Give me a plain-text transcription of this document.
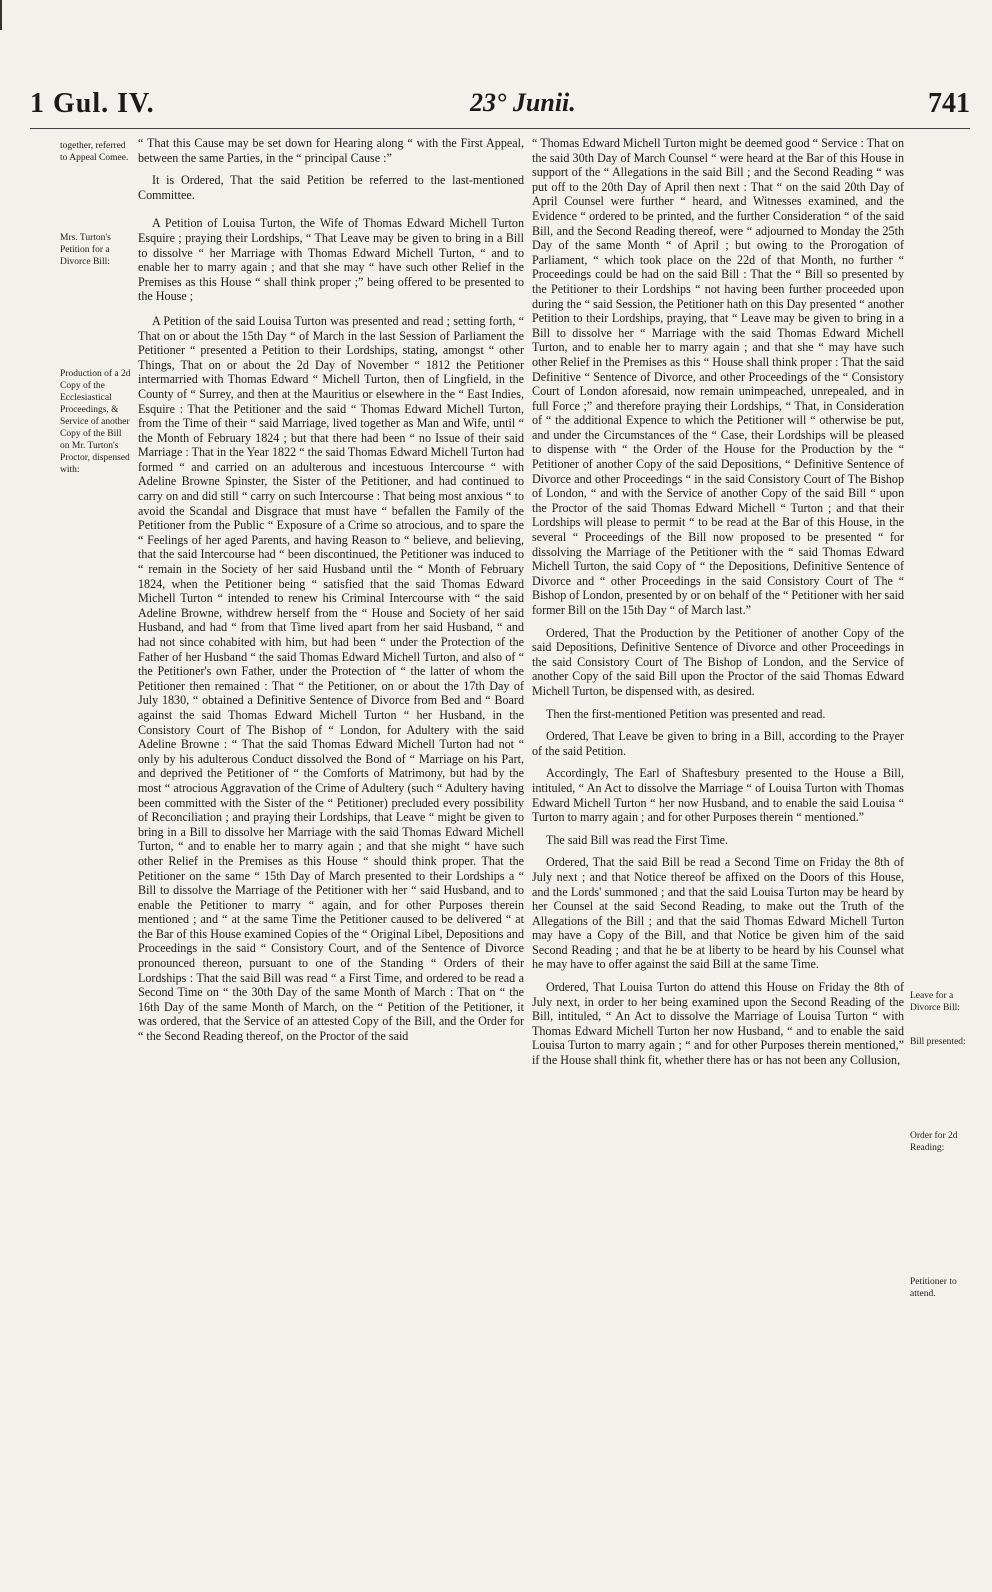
1 Gul. IV.	23° Junii.	741
together, referred to Appeal Comee.
Mrs. Turton's Petition for a Divorce Bill:
Production of a 2d Copy of the Ecclesiastical Proceedings, & Service of another Copy of the Bill on Mr. Turton's Proctor, dispensed with:

“ That this Cause may be set down for Hearing along “ with the First Appeal, between the same Parties, in the “ principal Cause :”

It is Ordered, That the said Petition be referred to the last-mentioned Committee.

A Petition of Louisa Turton, the Wife of Thomas Edward Michell Turton Esquire ; praying their Lordships, “ That Leave may be given to bring in a Bill to dissolve “ her Marriage with Thomas Edward Michell Turton, “ and to enable her to marry again ; and that she may “ have such other Relief in the Premises as this House “ shall think proper ;” being offered to be presented to the House ;

A Petition of the said Louisa Turton was presented and read ; setting forth, “ That on or about the 15th Day “ of March in the last Session of Parliament the Petitioner “ presented a Petition to their Lordships, stating, amongst “ other Things, That on or about the 2d Day of November “ 1812 the Petitioner intermarried with Thomas Edward “ Michell Turton, then of Lingfield, in the County of “ Surrey, and then at the Mauritius or elsewhere in the “ East Indies, Esquire : That the Petitioner and the said “ Thomas Edward Michell Turton, from the Time of their “ said Marriage, lived together as Man and Wife, until “ the Month of February 1824 ; but that there had been “ no Issue of their said Marriage : That in the Year 1822 “ the said Thomas Edward Michell Turton had formed “ and carried on an adulterous and incestuous Intercourse “ with Adeline Browne Spinster, the Sister of the Petitioner, and had continued to carry on and did still “ carry on such Intercourse : That being most anxious “ to avoid the Scandal and Disgrace that must have “ befallen the Family of the Petitioner from the Public “ Exposure of a Crime so atrocious, and to spare the “ Feelings of her aged Parents, and having Reason to “ believe, and believing, that the said Intercourse had “ been discontinued, the Petitioner was induced to “ remain in the Society of her said Husband until the “ Month of February 1824, when the Petitioner being “ satisfied that the said Thomas Edward Michell Turton “ intended to renew his Criminal Intercourse with “ the said Adeline Browne, withdrew herself from the “ House and Society of her said Husband, and had “ from that Time lived apart from her said Husband, “ and had not since cohabited with him, but had been “ under the Protection of the Father of her Husband “ the said Thomas Edward Michell Turton, and also of “ the Petitioner's own Father, under the Protection of “ the latter of whom the Petitioner then remained : That “ the Petitioner, on or about the 17th Day of July 1830, “ obtained a Definitive Sentence of Divorce from Bed and “ Board against the said Thomas Edward Michell Turton “ her Husband, in the Consistory Court of The Bishop of “ London, for Adultery with the said Adeline Browne : “ That the said Thomas Edward Michell Turton had not “ only by his adulterous Conduct dissolved the Bond of “ Marriage on his Part, and deprived the Petitioner of “ the Comforts of Matrimony, but had by the most “ atrocious Aggravation of the Crime of Adultery (such “ Adultery having been committed with the Sister of the “ Petitioner) precluded every possibility of Reconciliation ; and praying their Lordships, that Leave “ might be given to bring in a Bill to dissolve her Marriage with the said Thomas Edward Michell Turton, “ and to enable her to marry again ; and that she might “ have such other Relief in the Premises as this House “ should think proper. That the Petitioner on the same “ 15th Day of March presented to their Lordships a “ Bill to dissolve the Marriage of the Petitioner with her “ said Husband, and to enable the Petitioner to marry “ again, and for other Purposes therein mentioned ; and “ at the same Time the Petitioner caused to be delivered “ at the Bar of this House examined Copies of the “ Original Libel, Depositions and Proceedings in the said “ Consistory Court, and of the Sentence of Divorce pronounced thereon, pursuant to one of the Standing “ Orders of their Lordships : That the said Bill was read “ a First Time, and ordered to be read a Second Time on “ the 30th Day of the same Month of March : That on “ the 16th Day of the same Month of March, on the “ Petition of the Petitioner, it was ordered, that the Service of an attested Copy of the Bill, and the Order for “ the Second Reading thereof, on the Proctor of the said

“ Thomas Edward Michell Turton might be deemed good “ Service : That on the said 30th Day of March Counsel “ were heard at the Bar of this House in support of the “ Allegations in the said Bill ; and the Second Reading “ was put off to the 20th Day of April then next : That “ on the said 20th Day of April Counsel were further “ heard, and Witnesses examined, and the Evidence “ ordered to be printed, and the further Consideration “ of the said Bill, and the Second Reading thereof, were “ adjourned to Monday the 25th Day of the same Month “ of April ; but owing to the Prorogation of Parliament, “ which took place on the 22d of that Month, no further “ Proceedings could be had on the said Bill : That the “ Bill so presented by the Petitioner to their Lordships “ not having been further proceeded upon during the “ said Session, the Petitioner hath on this Day presented “ another Petition to their Lordships, praying, that “ Leave may be given to bring in a Bill to dissolve her “ Marriage with the said Thomas Edward Michell Turton, and to enable her to marry again ; and that she “ may have such other Relief in the Premises as this “ House shall think proper : That the said Definitive “ Sentence of Divorce, and other Proceedings of the “ Consistory Court of London aforesaid, now remain unimpeached, unrepealed, and in full Force ;” and therefore praying their Lordships, “ That, in Consideration of “ the additional Expence to which the Petitioner will “ otherwise be put, and under the Circumstances of the “ Case, their Lordships will be pleased to dispense with “ the Order of the House for the Production by the “ Petitioner of another Copy of the said Depositions, “ Definitive Sentence of Divorce and other Proceedings “ in the said Consistory Court of The Bishop of London, “ and with the Service of another Copy of the said Bill “ upon the Proctor of the said Thomas Edward Michell “ Turton ; and that their Lordships will please to permit “ to be read at the Bar of this House, in the several “ Proceedings of the Bill now proposed to be presented “ for dissolving the Marriage of the Petitioner with the “ said Thomas Edward Michell Turton, the said Copy of “ the Depositions, Definitive Sentence of Divorce and “ other Proceedings in the said Consistory Court of The “ Bishop of London, presented by or on behalf of the “ Petitioner with her said former Bill on the 15th Day “ of March last.”

Ordered, That the Production by the Petitioner of another Copy of the said Depositions, Definitive Sentence of Divorce and other Proceedings in the said Consistory Court of The Bishop of London, and the Service of another Copy of the said Bill upon the Proctor of the said Thomas Edward Michell Turton, be dispensed with, as desired.

Then the first-mentioned Petition was presented and read.

Ordered, That Leave be given to bring in a Bill, according to the Prayer of the said Petition.

Accordingly, The Earl of Shaftesbury presented to the House a Bill, intituled, “ An Act to dissolve the Marriage “ of Louisa Turton with Thomas Edward Michell Turton “ her now Husband, and to enable the said Louisa “ Turton to marry again ; and for other Purposes therein “ mentioned.”

The said Bill was read the First Time.

Ordered, That the said Bill be read a Second Time on Friday the 8th of July next ; and that Notice thereof be affixed on the Doors of this House, and the Lords' summoned ; and that the said Louisa Turton may be heard by her Counsel at the said Second Reading, to make out the Truth of the Allegations of the Bill ; and that the said Thomas Edward Michell Turton may have a Copy of the Bill, and that Notice be given him of the said Second Reading ; and that he be at liberty to be heard by his Counsel what he may have to offer against the said Bill at the same Time.

Ordered, That Louisa Turton do attend this House on Friday the 8th of July next, in order to her being examined upon the Second Reading of the Bill, intituled, “ An Act to dissolve the Marriage of Louisa Turton “ with Thomas Edward Michell Turton her now Husband, “ and to enable the said Louisa Turton to marry again ; “ and for other Purposes therein mentioned,” if the House shall think fit, whether there has or has not been any Collusion,

Leave for a Divorce Bill:
Bill presented:
Order for 2d Reading:
Petitioner to attend.
